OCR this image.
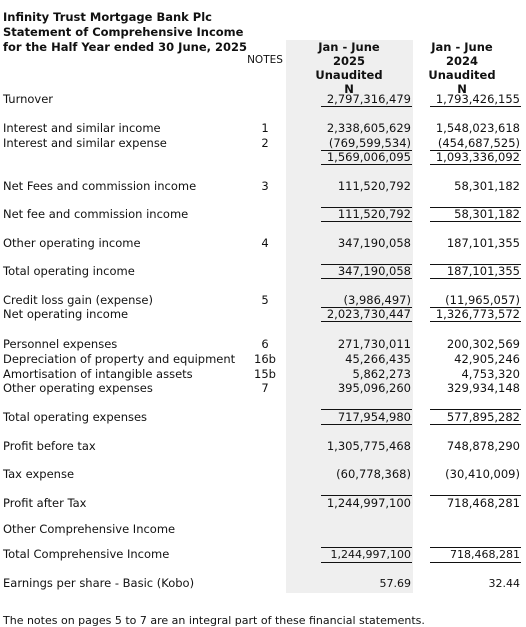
Infinity Trust Mortgage Bank Plc
Statement of Comprehensive Income
for the Half Year ended 30 June, 2025
NOTES
Jan - June
2025
Unaudited
N
Jan - June
2024
Unaudited
N
Turnover	2,797,316,479 1,793,426,155
Interest and similar income	1	2,338,605,629 1,548,023,618
Interest and similar expense	2	(769,599,534) (454,687,525)
1,569,006,095 1,093,336,092
Net Fees and commission income	3	111,520,792	58,301,182
Net fee and commission income	111,520,792	58,301,182
Other operating income	4	347,190,058	187,101,355
Total operating income	347,190,058	187,101,355
Credit loss gain (expense)	5	(3,986,497)	(11,965,057)
Net operating income	2,023,730,447 1,326,773,572
Personnel expenses	6	271,730,011	200,302,569
Depreciation of property and equipment	16b	45,266,435	42,905,246
Amortisation of intangible assets	15b	5,862,273	4,753,320
Other operating expenses	7	395,096,260	329,934,148
Total operating expenses	717,954,980	577,895,282
Profit before tax	1,305,775,468	748,878,290
Tax expense	(60,778,368)	(30,410,009)
Profit after Tax	1,244,997,100	718,468,281
Other Comprehensive Income
Total Comprehensive Income	1,244,997,100	718,468,281
Earnings per share - Basic (Kobo)	57.69	32.44
The notes on pages 5 to 7 are an integral part of these financial statements.
